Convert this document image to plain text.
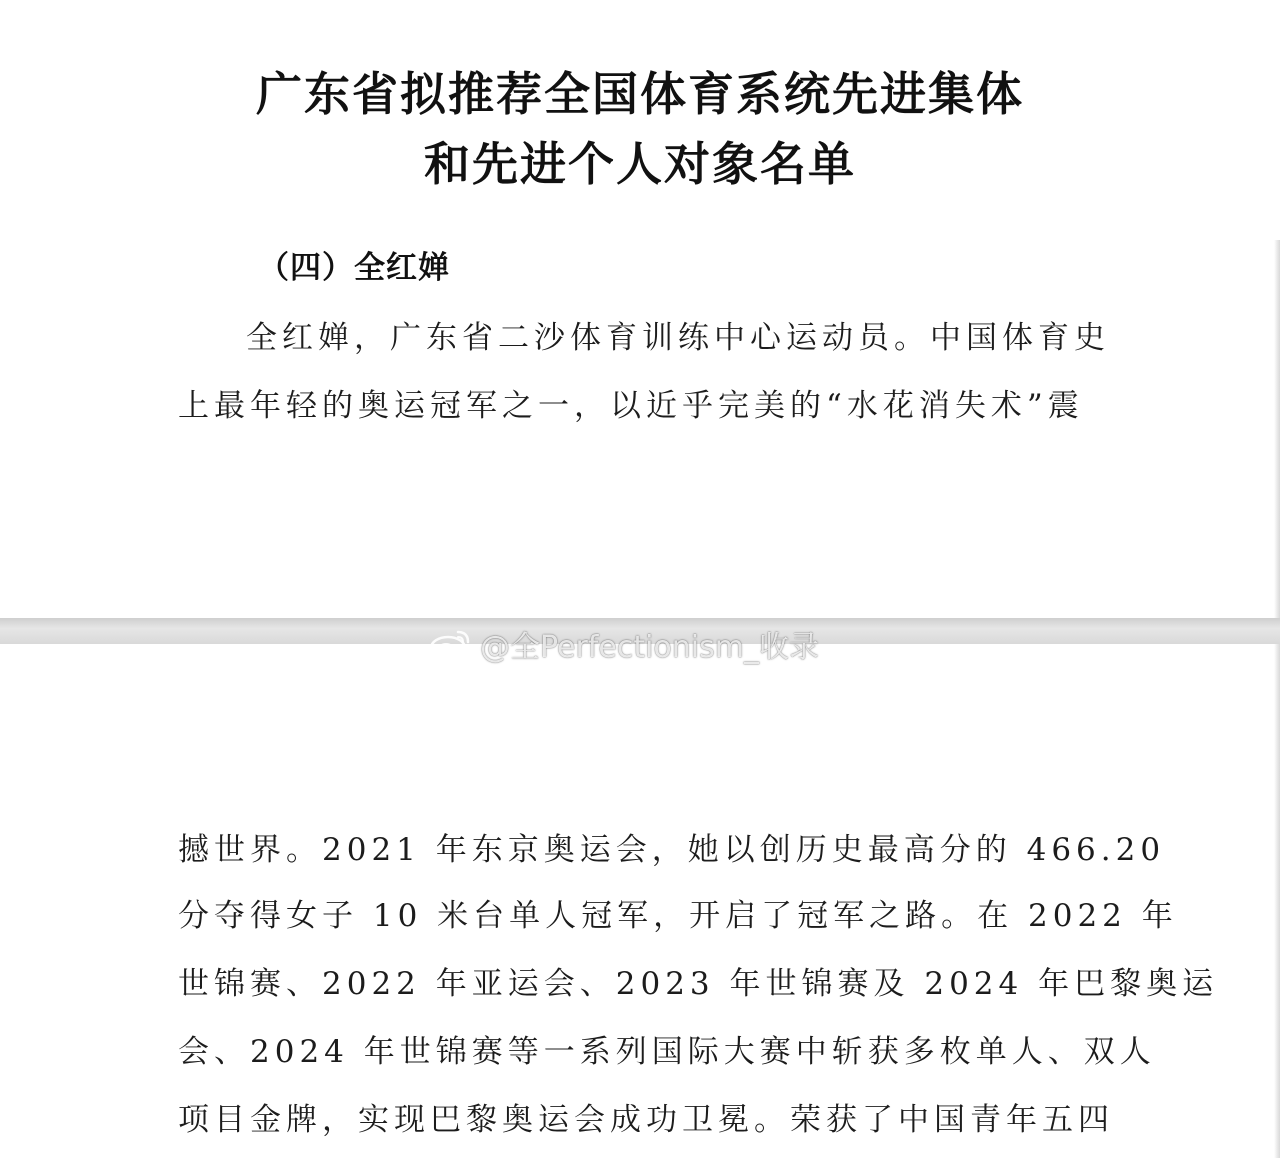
广东省拟推荐全国体育系统先进集体
和先进个人对象名单
（四）全红婵
全红婵，广东省二沙体育训练中心运动员。中国体育史
上最年轻的奥运冠军之一，以近乎完美的“水花消失术”震
撼世界。2021 年东京奥运会，她以创历史最高分的 466.20
分夺得女子 10 米台单人冠军，开启了冠军之路。在 2022 年
世锦赛、2022 年亚运会、2023 年世锦赛及 2024 年巴黎奥运
会、2024 年世锦赛等一系列国际大赛中斩获多枚单人、双人
项目金牌，实现巴黎奥运会成功卫冕。荣获了中国青年五四
@全Perfectionism_收录
